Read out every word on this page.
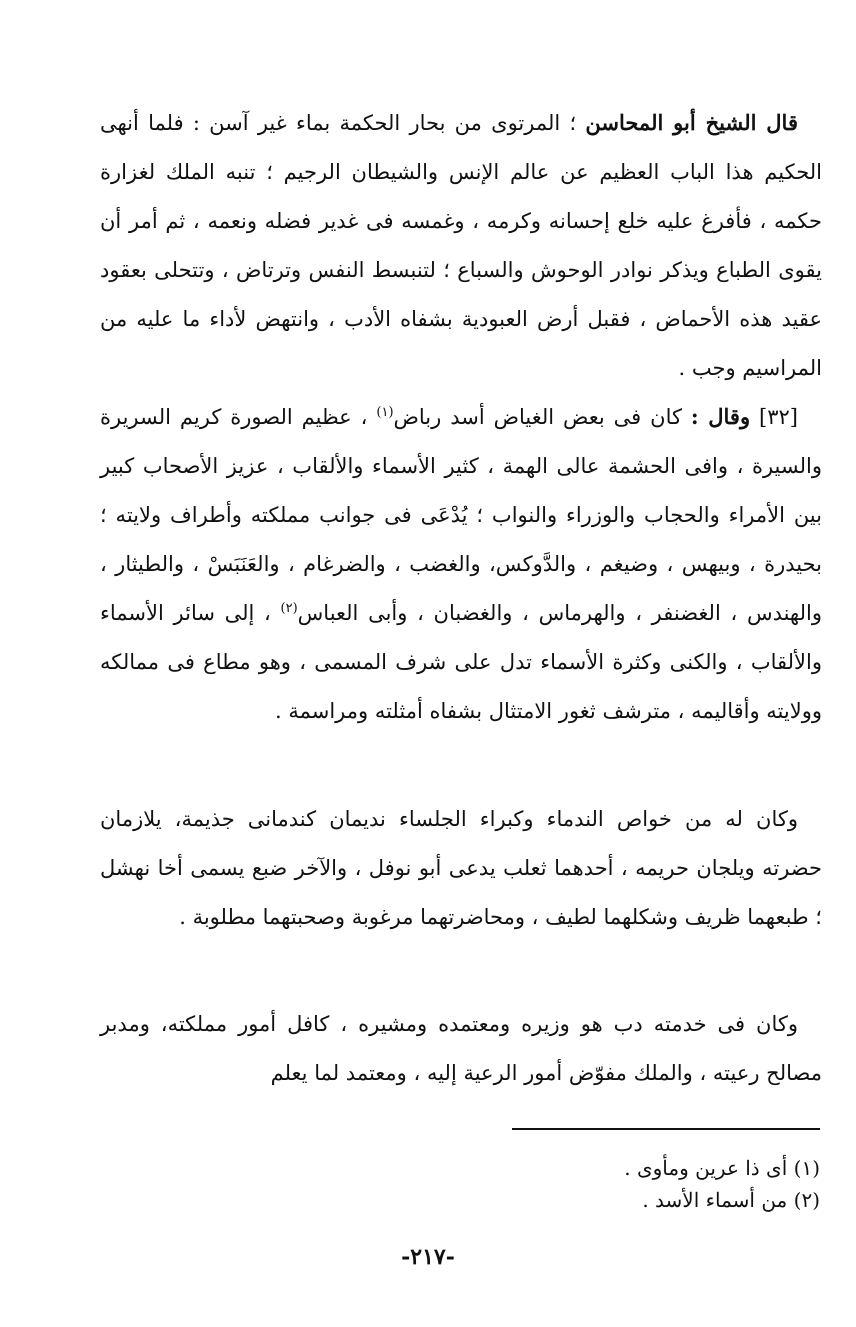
قال الشيخ أبو المحاسن ؛ المرتوى من بحار الحكمة بماء غير آسن : فلما أنهى الحكيم هذا الباب العظيم عن عالم الإنس والشيطان الرجيم ؛ تنبه الملك لغزارة حكمه ، فأفرغ عليه خلع إحسانه وكرمه ، وغمسه فى غدير فضله ونعمه ، ثم أمر أن يقوى الطباع ويذكر نوادر الوحوش والسباع ؛ لتنبسط النفس وترتاض ، وتتحلى بعقود عقيد هذه الأحماض ، فقبل أرض العبودية بشفاه الأدب ، وانتهض لأداء ما عليه من المراسيم وجب .

[٣٢] وقال : كان فى بعض الغياض أسد رباض$^{(١)}$ ، عظيم الصورة كريم السريرة والسيرة ، وافى الحشمة عالى الهمة ، كثير الأسماء والألقاب ، عزيز الأصحاب كبير بين الأمراء والحجاب والوزراء والنواب ؛ يُدْعَى فى جوانب مملكته وأطراف ولايته ؛ بحيدرة ، وبيهس ، وضيغم ، والدَّوكس، والغضب ، والضرغام ، والعَنَبَسْ ، والطيثار ، والهندس ، الغضنفر ، والهرماس ، والغضبان ، وأبى العباس$^{(٢)}$ ، إلى سائر الأسماء والألقاب ، والكنى وكثرة الأسماء تدل على شرف المسمى ، وهو مطاع فى ممالكه وولايته وأقاليمه ، مترشف ثغور الامتثال بشفاه أمثلته ومراسمة .

وكان له من خواص الندماء وكبراء الجلساء نديمان كندمانى جذيمة، يلازمان حضرته ويلجان حريمه ، أحدهما ثعلب يدعى أبو نوفل ، والآخر ضبع يسمى أخا نهشل ؛ طبعهما ظريف وشكلهما لطيف ، ومحاضرتهما مرغوبة وصحبتهما مطلوبة .

وكان فى خدمته دب هو وزيره ومعتمده ومشيره ، كافل أمور مملكته، ومدبر مصالح رعيته ، والملك مفوّض أمور الرعية إليه ، ومعتمد لما يعلم

(١) أى ذا عرين ومأوى .
(٢) من أسماء الأسد .
-٢١٧-
